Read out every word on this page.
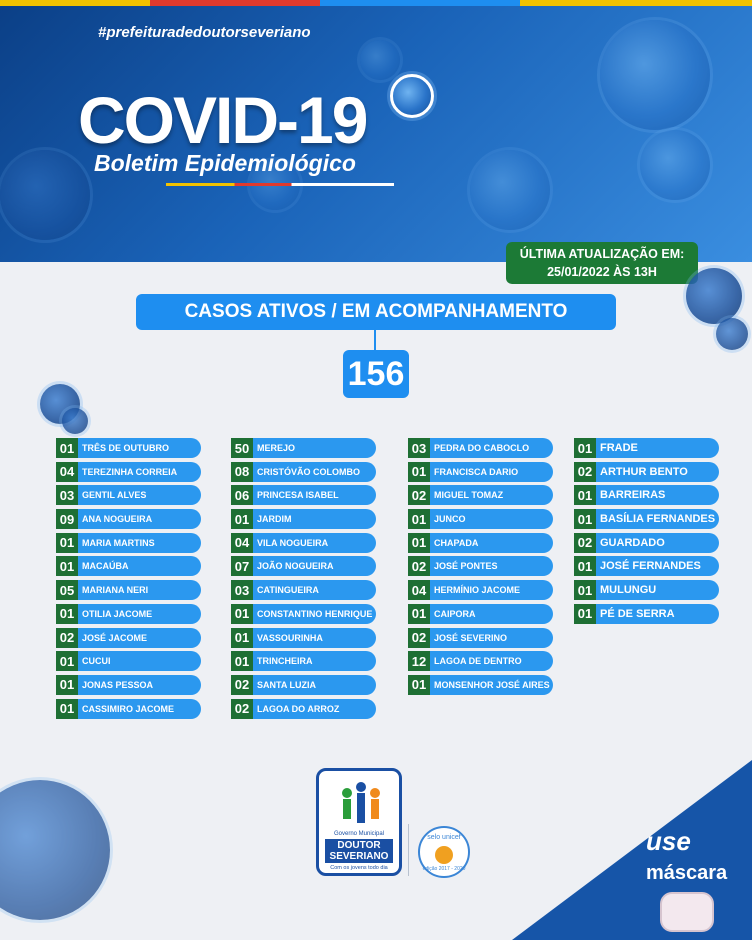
#prefeituradedoutorseveriano
COVID-19
Boletim Epidemiológico
ÚLTIMA ATUALIZAÇÃO EM:
25/01/2022 ÀS 13H
CASOS ATIVOS / EM ACOMPANHAMENTO
156
01 TRÊS DE OUTUBRO
04 TEREZINHA CORREIA
03 GENTIL ALVES
09 ANA NOGUEIRA
01 MARIA MARTINS
01 MACAÚBA
05 MARIANA NERI
01 OTILIA JACOME
02 JOSÉ JACOME
01 CUCUI
01 JONAS PESSOA
01 CASSIMIRO JACOME
50 MEREJO
08 CRISTÓVÃO COLOMBO
06 PRINCESA ISABEL
01 JARDIM
04 VILA NOGUEIRA
07 JOÃO NOGUEIRA
03 CATINGUEIRA
01 CONSTANTINO HENRIQUE
01 VASSOURINHA
01 TRINCHEIRA
02 SANTA LUZIA
02 LAGOA DO ARROZ
03 PEDRA DO CABOCLO
01 FRANCISCA DARIO
02 MIGUEL TOMAZ
01 JUNCO
01 CHAPADA
02 JOSÉ PONTES
04 HERMÍNIO JACOME
01 CAIPORA
02 JOSÉ SEVERINO
12 LAGOA DE DENTRO
01 MONSENHOR JOSÉ AIRES
01 FRADE
02 ARTHUR BENTO
01 BARREIRAS
01 BASÍLIA FERNANDES
02 GUARDADO
01 JOSÉ FERNANDES
01 MULUNGU
01 PÉ DE SERRA
Governo Municipal
DOUTOR
SEVERIANO
Com os jovens todo dia
selo unicef
edição 2017 - 2020
use
máscara
